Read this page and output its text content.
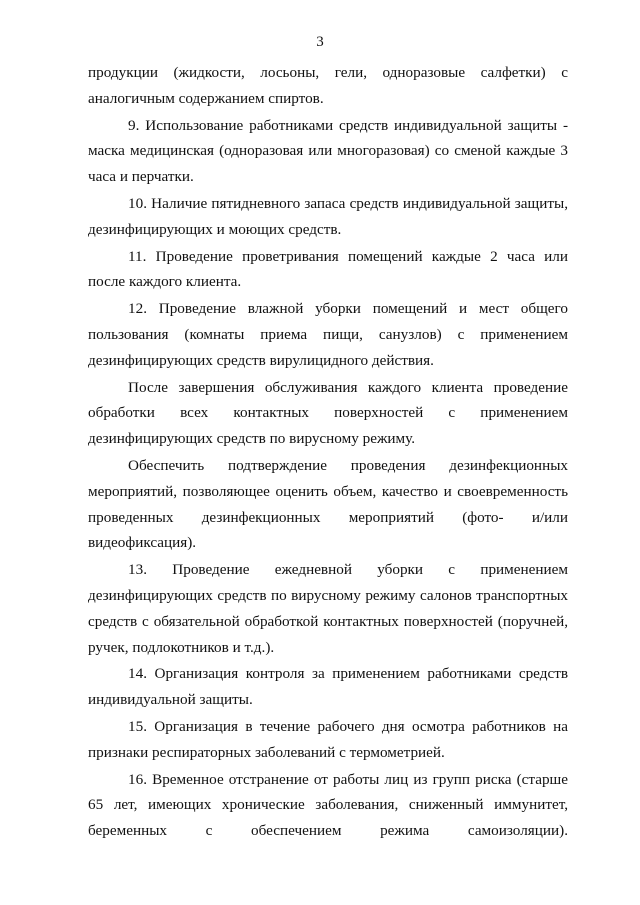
3

продукции (жидкости, лосьоны, гели, одноразовые салфетки) с аналогичным содержанием спиртов.

9. Использование работниками средств индивидуальной защиты - маска медицинская (одноразовая или многоразовая) со сменой каждые 3 часа и перчатки.

10. Наличие пятидневного запаса средств индивидуальной защиты, дезинфицирующих и моющих средств.

11. Проведение проветривания помещений каждые 2 часа или после каждого клиента.

12. Проведение влажной уборки помещений и мест общего пользования (комнаты приема пищи, санузлов) с применением дезинфицирующих средств вирулицидного действия.

После завершения обслуживания каждого клиента проведение обработки всех контактных поверхностей с применением дезинфицирующих средств по вирусному режиму.

Обеспечить подтверждение проведения дезинфекционных мероприятий, позволяющее оценить объем, качество и своевременность проведенных дезинфекционных мероприятий (фото- и/или видеофиксация).

13. Проведение ежедневной уборки с применением дезинфицирующих средств по вирусному режиму салонов транспортных средств с обязательной обработкой контактных поверхностей (поручней, ручек, подлокотников и т.д.).

14. Организация контроля за применением работниками средств индивидуальной защиты.

15. Организация в течение рабочего дня осмотра работников на признаки респираторных заболеваний с термометрией.

16. Временное отстранение от работы лиц из групп риска (старше 65 лет, имеющих хронические заболевания, сниженный иммунитет, беременных с обеспечением режима самоизоляции).
